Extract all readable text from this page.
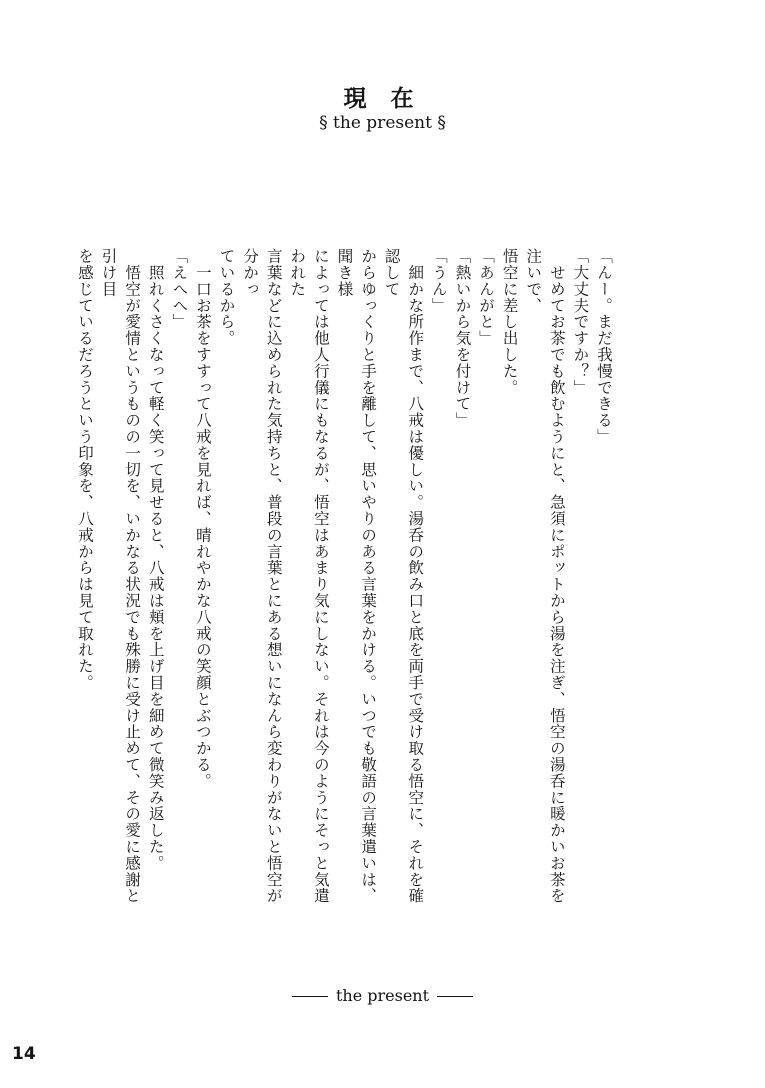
現 在
§ the present §

「んー。まだ我慢できる」

「大丈夫ですか？」

　せめてお茶でも飲むようにと、急須にポットから湯を注ぎ、悟空の湯呑に暖かいお茶を注いで、

悟空に差し出した。

「あんがと」

「熱いから気を付けて」

「うん」

　細かな所作まで、八戒は優しい。湯呑の飲み口と底を両手で受け取る悟空に、それを確認して

からゆっくりと手を離して、思いやりのある言葉をかける。いつでも敬語の言葉遣いは、聞き様

によっては他人行儀にもなるが、悟空はあまり気にしない。それは今のようにそっと気遣われた

言葉などに込められた気持ちと、普段の言葉とにある想いになんら変わりがないと悟空が分かっ

ているから。

　一口お茶をすすって八戒を見れば、晴れやかな八戒の笑顔とぶつかる。

「えへへ」

　照れくさくなって軽く笑って見せると、八戒は頬を上げ目を細めて微笑み返した。

　悟空が愛情というものの一切を、いかなる状況でも殊勝に受け止めて、その愛に感謝と引け目

を感じているだろうという印象を、八戒からは見て取れた。

the present
14
